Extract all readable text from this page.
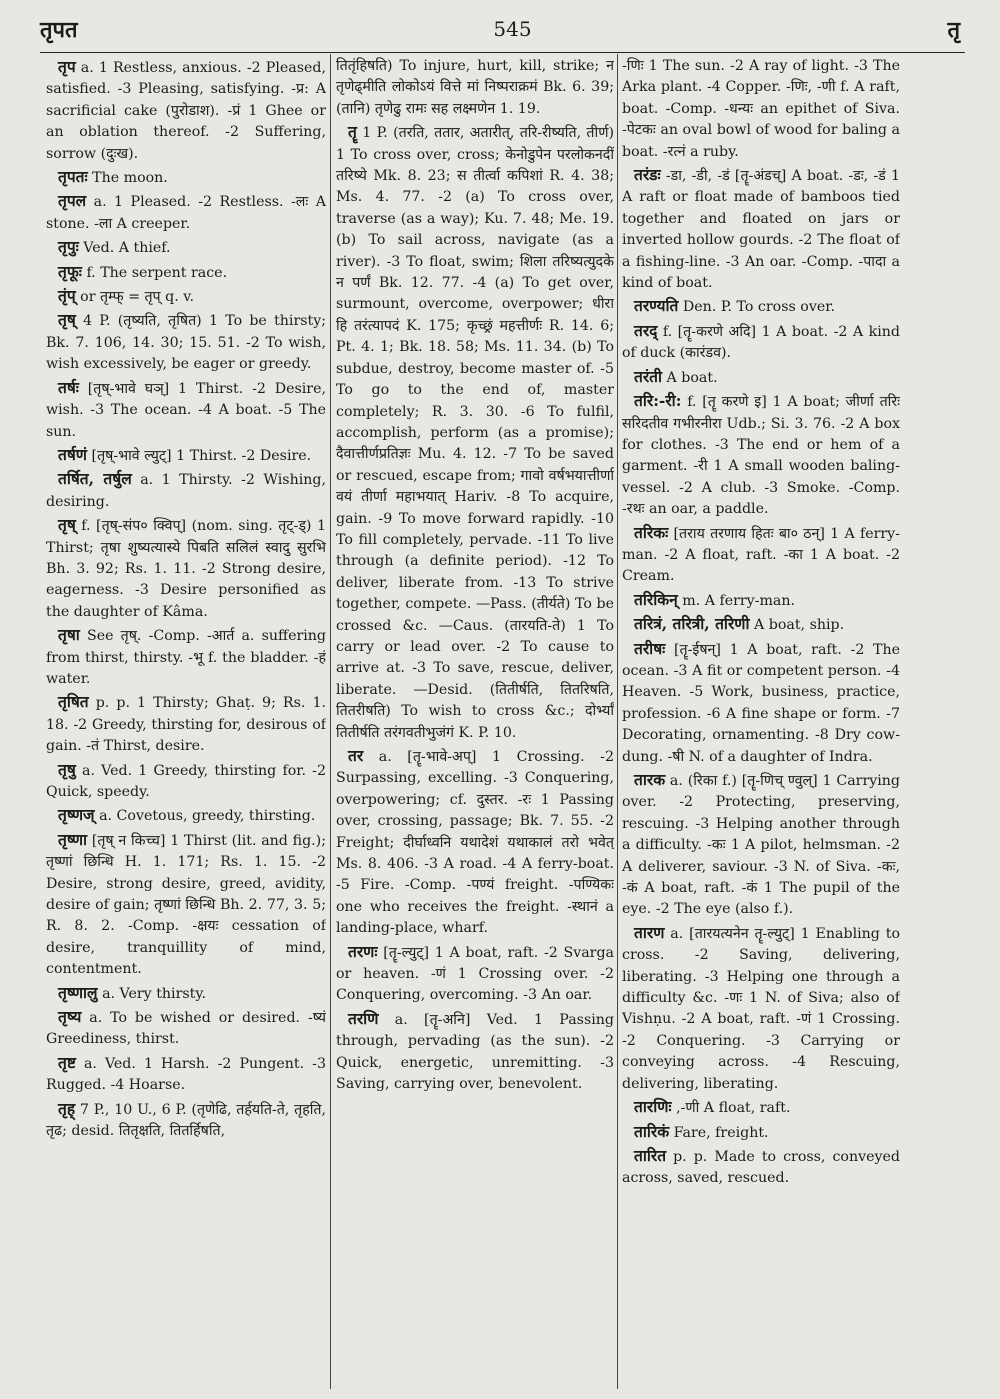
तृपत	545	तृ

तृप a. 1 Restless, anxious. -2 Pleased, satisfied. -3 Pleasing, satisfying. -प्र: A sacrificial cake (पुरोडाश). -प्रं 1 Ghee or an oblation thereof. -2 Suffering, sorrow (दुःख).

तृपतः The moon.

तृपल a. 1 Pleased. -2 Restless. -लः A stone. -ला A creeper.

तृपुः Ved. A thief.

तृफूः f. The serpent race.

तृंप् or तृम्फ् = तृप् q. v.

तृष् 4 P. (तृष्यति, तृषित) 1 To be thirsty; Bk. 7. 106, 14. 30; 15. 51. -2 To wish, wish excessively, be eager or greedy.

तर्षः [तृष्-भावे घञ्] 1 Thirst. -2 Desire, wish. -3 The ocean. -4 A boat. -5 The sun.

तर्षणं [तृष्-भावे ल्युट्] 1 Thirst. -2 Desire.

तर्षित, तर्षुल a. 1 Thirsty. -2 Wishing, desiring.

तृष् f. [तृष्-संप० क्विप्] (nom. sing. तृट्-ड्) 1 Thirst; तृषा शुष्यत्यास्ये पिबति सलिलं स्वादु सुरभि Bh. 3. 92; Rs. 1. 11. -2 Strong desire, eagerness. -3 Desire personified as the daughter of Kâma.

तृषा See तृष्. -Comp. -आर्त a. suffering from thirst, thirsty. -भू f. the bladder. -हं water.

तृषित p. p. 1 Thirsty; Ghaṭ. 9; Rs. 1. 18. -2 Greedy, thirsting for, desirous of gain. -तं Thirst, desire.

तृषु a. Ved. 1 Greedy, thirsting for. -2 Quick, speedy.

तृष्णज् a. Covetous, greedy, thirsting.

तृष्णा [तृष् न किच्च] 1 Thirst (lit. and fig.); तृष्णां छिन्धि H. 1. 171; Rs. 1. 15. -2 Desire, strong desire, greed, avidity, desire of gain; तृष्णां छिन्धि Bh. 2. 77, 3. 5; R. 8. 2. -Comp. -क्षयः cessation of desire, tranquillity of mind, contentment.

तृष्णालु a. Very thirsty.

तृष्य a. To be wished or desired. -ष्यं Greediness, thirst.

तृष्ट a. Ved. 1 Harsh. -2 Pungent. -3 Rugged. -4 Hoarse.

तृह् 7 P., 10 U., 6 P. (तृणेढि, तर्हयति-ते, तृहति, तृढ; desid. तितृक्षति, तितर्हिषति,

तितृंहिषति) To injure, hurt, kill, strike; न तृणेढ्मीति लोकोऽयं वित्ते मां निष्पराक्रमं Bk. 6. 39; (तानि) तृणेढु रामः सह लक्ष्मणेन 1. 19.

तॄ 1 P. (तरति, ततार, अतारीत्, तरि-रीष्यति, तीर्ण) 1 To cross over, cross; केनोडुपेन परलोकनदीं तरिष्ये Mk. 8. 23; स तीर्त्वा कपिशां R. 4. 38; Ms. 4. 77. -2 (a) To cross over, traverse (as a way); Ku. 7. 48; Me. 19. (b) To sail across, navigate (as a river). -3 To float, swim; शिला तरिष्यत्युदके न पर्णं Bk. 12. 77. -4 (a) To get over, surmount, overcome, overpower; धीरा हि तरंत्यापदं K. 175; कृच्छ्रं महत्तीर्णः R. 14. 6; Pt. 4. 1; Bk. 18. 58; Ms. 11. 34. (b) To subdue, destroy, become master of. -5 To go to the end of, master completely; R. 3. 30. -6 To fulfil, accomplish, perform (as a promise); दैवात्तीर्णप्रतिज्ञः Mu. 4. 12. -7 To be saved or rescued, escape from; गावो वर्षभयात्तीर्णा वयं तीर्णा महाभयात् Hariv. -8 To acquire, gain. -9 To move forward rapidly. -10 To fill completely, pervade. -11 To live through (a definite period). -12 To deliver, liberate from. -13 To strive together, compete. —Pass. (तीर्यते) To be crossed &c. —Caus. (तारयति-ते) 1 To carry or lead over. -2 To cause to arrive at. -3 To save, rescue, deliver, liberate. —Desid. (तितीर्षति, तितरिषति, तितरीषति) To wish to cross &c.; दोर्भ्यां तितीर्षति तरंगवतीभुजंगं K. P. 10.

तर a. [तॄ-भावे-अप्] 1 Crossing. -2 Surpassing, excelling. -3 Conquering, overpowering; cf. दुस्तर. -रः 1 Passing over, crossing, passage; Bk. 7. 55. -2 Freight; दीर्घाध्वनि यथादेशं यथाकालं तरो भवेत् Ms. 8. 406. -3 A road. -4 A ferry-boat. -5 Fire. -Comp. -पण्यं freight. -पण्यिकः one who receives the freight. -स्थानं a landing-place, wharf.

तरणः [तॄ-ल्युट्] 1 A boat, raft. -2 Svarga or heaven. -णं 1 Crossing over. -2 Conquering, overcoming. -3 An oar.

तरणि a. [तॄ-अनि] Ved. 1 Passing through, pervading (as the sun). -2 Quick, energetic, unremitting. -3 Saving, carrying over, benevolent.

-णिः 1 The sun. -2 A ray of light. -3 The Arka plant. -4 Copper. -णिः, -णी f. A raft, boat. -Comp. -धन्यः an epithet of Siva. -पेटकः an oval bowl of wood for baling a boat. -रत्नं a ruby.

तरंडः -डा, -डी, -डं [तॄ-अंडच्] A boat. -डः, -डं 1 A raft or float made of bamboos tied together and floated on jars or inverted hollow gourds. -2 The float of a fishing-line. -3 An oar. -Comp. -पादा a kind of boat.

तरण्यति Den. P. To cross over.

तरद् f. [तॄ-करणे अदि] 1 A boat. -2 A kind of duck (कारंडव).

तरंती A boat.

तरि:-री: f. [तॄ करणे इ] 1 A boat; जीर्णा तरिः सरिदतीव गभीरनीरा Udb.; Si. 3. 76. -2 A box for clothes. -3 The end or hem of a garment. -री 1 A small wooden baling-vessel. -2 A club. -3 Smoke. -Comp. -रथः an oar, a paddle.

तरिकः [तराय तरणाय हितः बा० ठन्] 1 A ferry-man. -2 A float, raft. -का 1 A boat. -2 Cream.

तरिकिन् m. A ferry-man.

तरित्रं, तरित्री, तरिणी A boat, ship.

तरीषः [तॄ-ईषन्] 1 A boat, raft. -2 The ocean. -3 A fit or competent person. -4 Heaven. -5 Work, business, practice, profession. -6 A fine shape or form. -7 Decorating, ornamenting. -8 Dry cow-dung. -षी N. of a daughter of Indra.

तारक a. (रिका f.) [तॄ-णिच् ण्वुल्] 1 Carrying over. -2 Protecting, preserving, rescuing. -3 Helping another through a difficulty. -कः 1 A pilot, helmsman. -2 A deliverer, saviour. -3 N. of Siva. -कः, -कं A boat, raft. -कं 1 The pupil of the eye. -2 The eye (also f.).

तारण a. [तारयत्यनेन तॄ-ल्युट्] 1 Enabling to cross. -2 Saving, delivering, liberating. -3 Helping one through a difficulty &c. -णः 1 N. of Siva; also of Vishṇu. -2 A boat, raft. -णं 1 Crossing. -2 Conquering. -3 Carrying or conveying across. -4 Rescuing, delivering, liberating.

तारणिः ,-णी A float, raft.

तारिकं Fare, freight.

तारित p. p. Made to cross, conveyed across, saved, rescued.
